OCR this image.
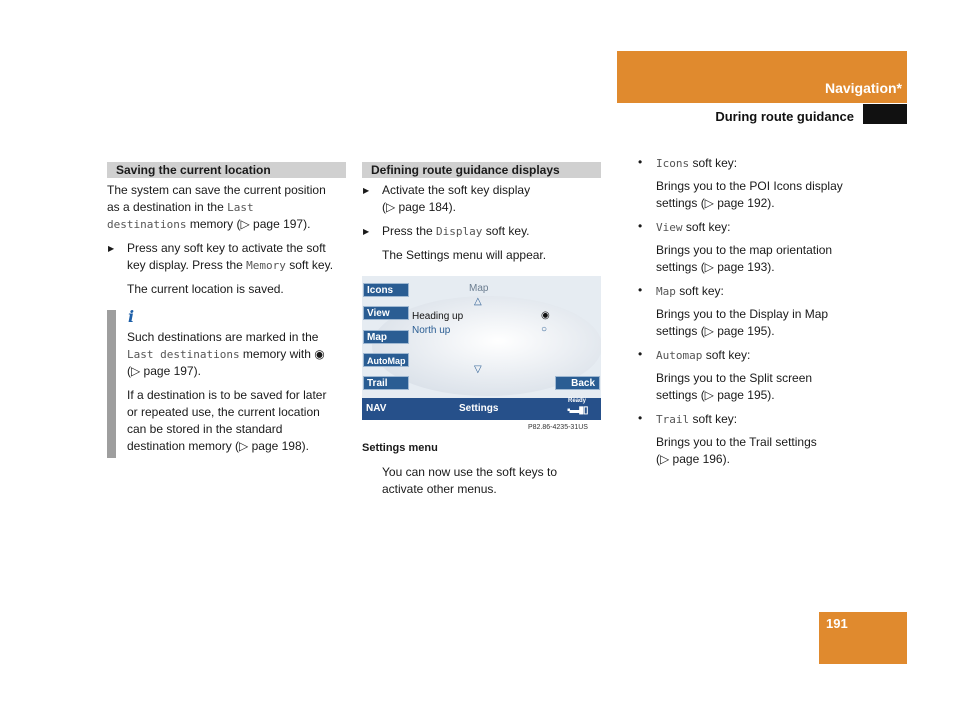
Navigation*
During route guidance
Saving the current location

The system can save the current position

as a destination in the Last

destinations memory (▷ page 197).

▶ Press any soft key to activate the soft

key display. Press the Memory soft key.

The current location is saved.

i

Such destinations are marked in the

Last destinations memory with ◉

(▷ page 197).

If a destination is to be saved for later

or repeated use, the current location

can be stored in the standard

destination memory (▷ page 198).

Defining route guidance displays

▶ Activate the soft key display

(▷ page 184).

▶ Press the Display soft key.

The Settings menu will appear.

Icons
View
Map
AutoMap
Trail
Map
△
Heading up	◉
North up	○
▽
Back
NAV	Settings
Ready
▪▬▮▯
P82.86-4235-31US
Settings menu

You can now use the soft keys to

activate other menus.

• Icons soft key:

Brings you to the POI Icons display

settings (▷ page 192).

• View soft key:

Brings you to the map orientation

settings (▷ page 193).

• Map soft key:

Brings you to the Display in Map

settings (▷ page 195).

• Automap soft key:

Brings you to the Split screen

settings (▷ page 195).

• Trail soft key:

Brings you to the Trail settings

(▷ page 196).

191
